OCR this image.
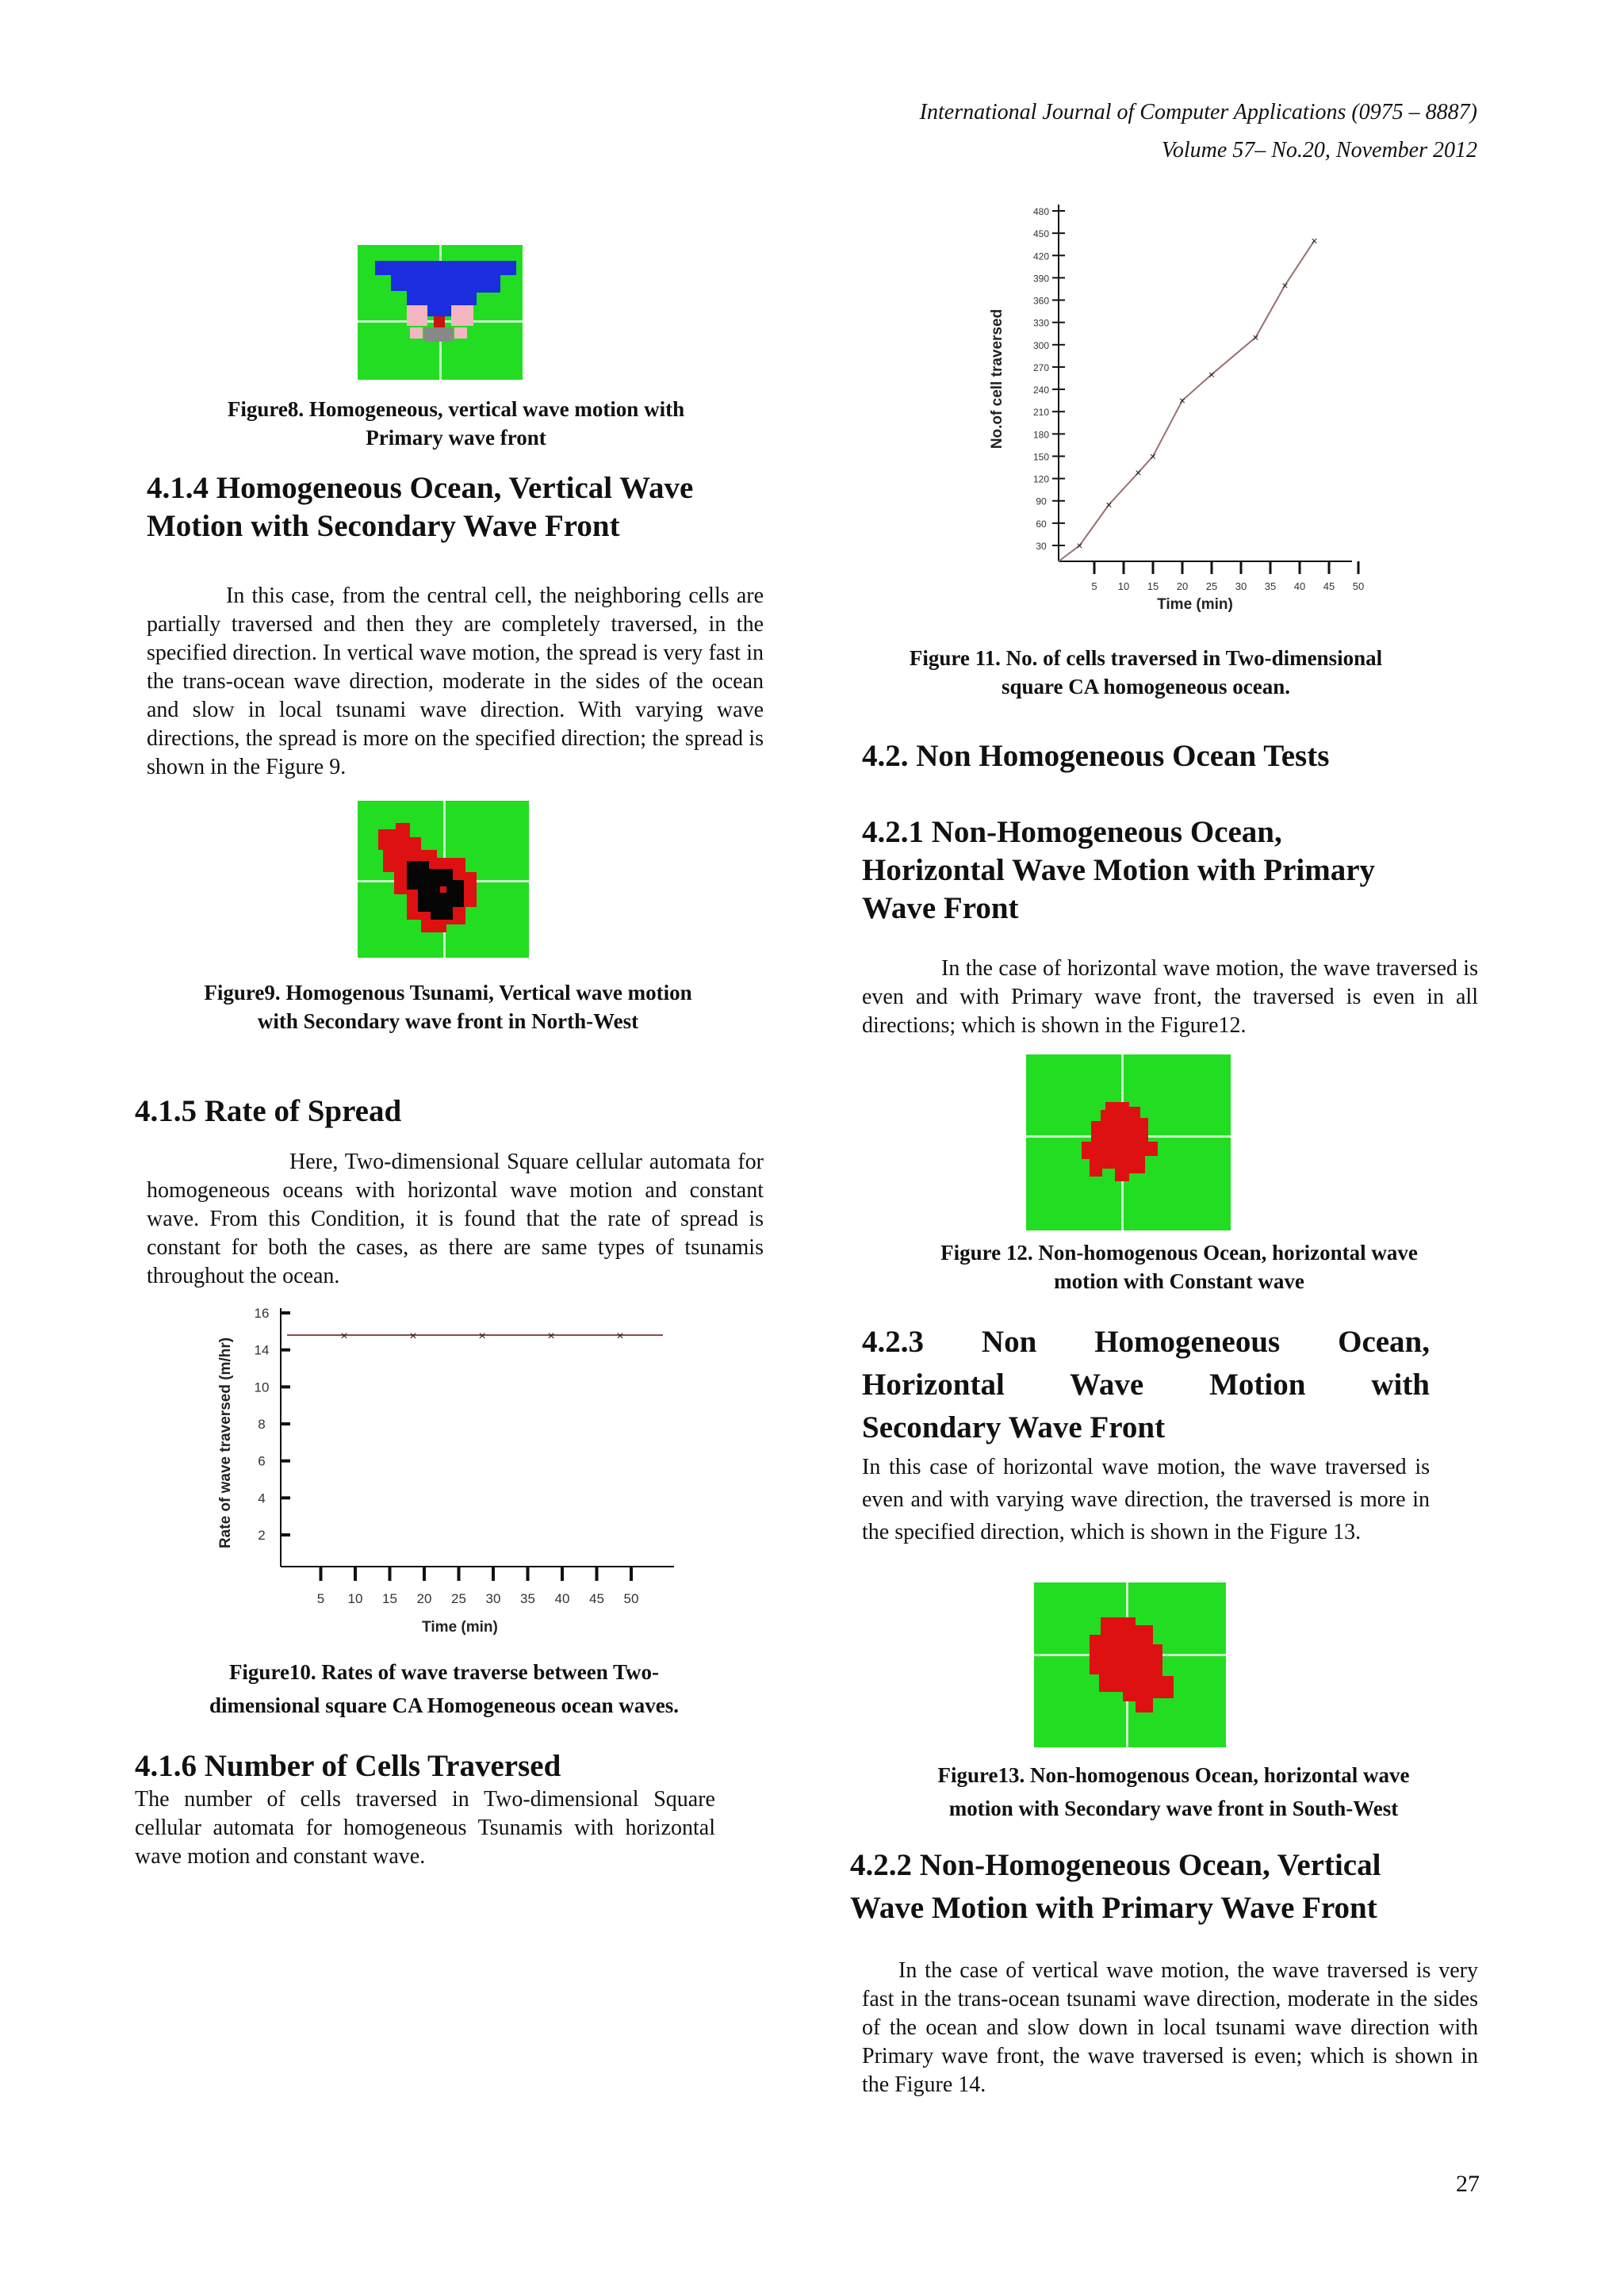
International Journal of Computer Applications (0975 – 8887)
Volume 57– No.20, November 2012
Figure8. Homogeneous, vertical wave motion with
Primary wave front
4.1.4 Homogeneous Ocean, Vertical Wave
Motion with Secondary Wave Front
In this case, from the central cell, the neighboring cells are partially traversed and then they are completely traversed, in the specified direction. In vertical wave motion, the spread is very fast in the trans-ocean wave direction, moderate in the sides of the ocean and slow in local tsunami wave direction. With varying wave directions, the spread is more on the specified direction; the spread is shown in the Figure 9.
Figure9. Homogenous Tsunami, Vertical wave motion
with Secondary wave front in North-West
4.1.5 Rate of Spread
Here, Two-dimensional Square cellular automata for homogeneous oceans with horizontal wave motion and constant wave. From this Condition, it is found that the rate of spread is constant for both the cases, as there are same types of tsunamis throughout the ocean.
5 10 15 20 25 30 35 40 45 50
2
4
6
8
10
14
16
×	×	×	×	×
Time (min)
Rate of wave traversed (m/hr)
Figure10. Rates of wave traverse between Two-
dimensional square CA Homogeneous ocean waves.
4.1.6 Number of Cells Traversed
The number of cells traversed in Two-dimensional Square cellular automata for homogeneous Tsunamis with horizontal wave motion and constant wave.
30
60
90
120
150
180
210
240
270
300
330
360
390
420
450
480
5 10 15 20 25 30 35 40 45 50
×
×
×
×
×
×
×
×
×
Time (min)
No.of cell traversed
Figure 11. No. of cells traversed in Two-dimensional
square CA homogeneous ocean.
4.2. Non Homogeneous Ocean Tests
4.2.1 Non-Homogeneous Ocean,
Horizontal Wave Motion with Primary
Wave Front
In the case of horizontal wave motion, the wave traversed is even and with Primary wave front, the traversed is even in all directions; which is shown in the Figure12.
Figure 12. Non-homogenous Ocean, horizontal wave
motion with Constant wave
4.2.3 Non Homogeneous Ocean,
Horizontal Wave Motion with
Secondary Wave Front
In this case of horizontal wave motion, the wave traversed is even and with varying wave direction, the traversed is more in the specified direction, which is shown in the Figure 13.
Figure13. Non-homogenous Ocean, horizontal wave
motion with Secondary wave front in South-West
4.2.2 Non-Homogeneous Ocean, Vertical
Wave Motion with Primary Wave Front
In the case of vertical wave motion, the wave traversed is very fast in the trans-ocean tsunami wave direction, moderate in the sides of the ocean and slow down in local tsunami wave direction with Primary wave front, the wave traversed is even; which is shown in the Figure 14.
27
